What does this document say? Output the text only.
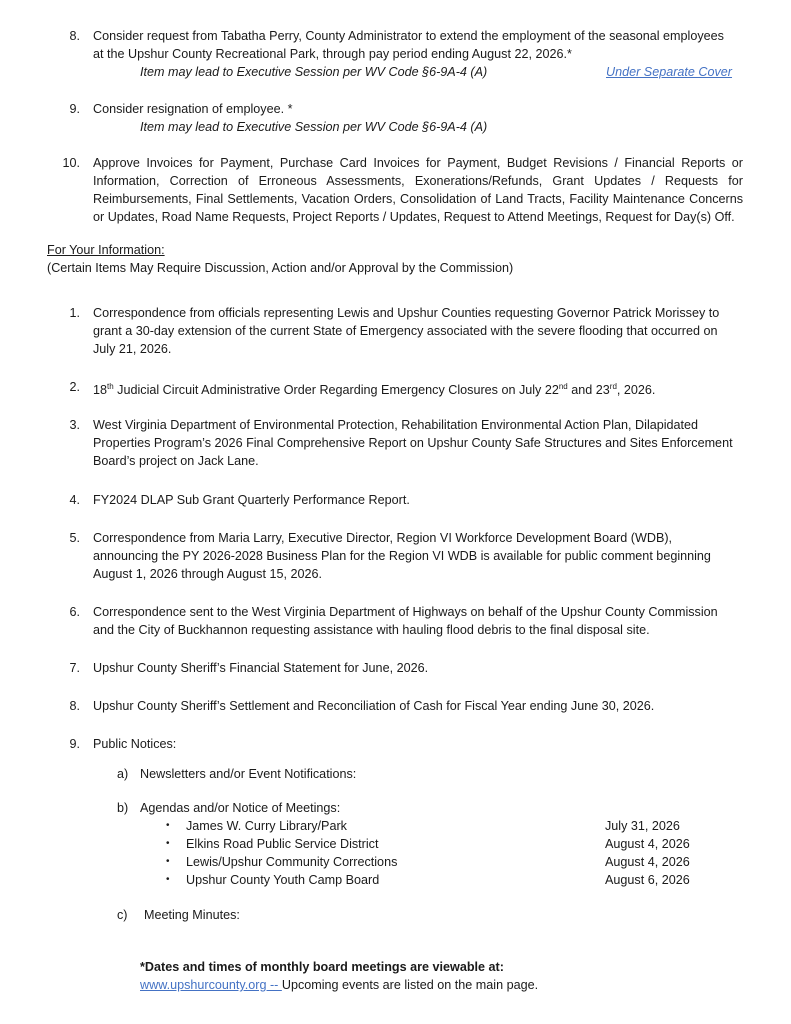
8. Consider request from Tabatha Perry, County Administrator to extend the employment of the seasonal employees
at the Upshur County Recreational Park, through pay period ending August 22, 2026.*
Item may lead to Executive Session per WV Code §6-9A-4 (A)	Under Separate Cover
9. Consider resignation of employee. *
Item may lead to Executive Session per WV Code §6-9A-4 (A)
10. Approve Invoices for Payment, Purchase Card Invoices for Payment, Budget Revisions / Financial Reports or
Information, Correction of Erroneous Assessments, Exonerations/Refunds, Grant Updates / Requests for
Reimbursements, Final Settlements, Vacation Orders, Consolidation of Land Tracts, Facility Maintenance Concerns
or Updates, Road Name Requests, Project Reports / Updates, Request to Attend Meetings, Request for Day(s) Off.
For Your Information:
(Certain Items May Require Discussion, Action and/or Approval by the Commission)
1. Correspondence from officials representing Lewis and Upshur Counties requesting Governor Patrick Morissey to
grant a 30-day extension of the current State of Emergency associated with the severe flooding that occurred on
July 21, 2026.
2. 18th Judicial Circuit Administrative Order Regarding Emergency Closures on July 22nd and 23rd, 2026.
3. West Virginia Department of Environmental Protection, Rehabilitation Environmental Action Plan, Dilapidated
Properties Program’s 2026 Final Comprehensive Report on Upshur County Safe Structures and Sites Enforcement
Board’s project on Jack Lane.
4. FY2024 DLAP Sub Grant Quarterly Performance Report.
5. Correspondence from Maria Larry, Executive Director, Region VI Workforce Development Board (WDB),
announcing the PY 2026-2028 Business Plan for the Region VI WDB is available for public comment beginning
August 1, 2026 through August 15, 2026.
6. Correspondence sent to the West Virginia Department of Highways on behalf of the Upshur County Commission
and the City of Buckhannon requesting assistance with hauling flood debris to the final disposal site.
7. Upshur County Sheriff’s Financial Statement for June, 2026.
8. Upshur County Sheriff’s Settlement and Reconciliation of Cash for Fiscal Year ending June 30, 2026.
9. Public Notices:
a) Newsletters and/or Event Notifications:
b) Agendas and/or Notice of Meetings:
• James W. Curry Library/Park	July 31, 2026
• Elkins Road Public Service District	August 4, 2026
• Lewis/Upshur Community Corrections	August 4, 2026
• Upshur County Youth Camp Board	August 6, 2026
c) Meeting Minutes:
*Dates and times of monthly board meetings are viewable at:
www.upshurcounty.org -- Upcoming events are listed on the main page.
